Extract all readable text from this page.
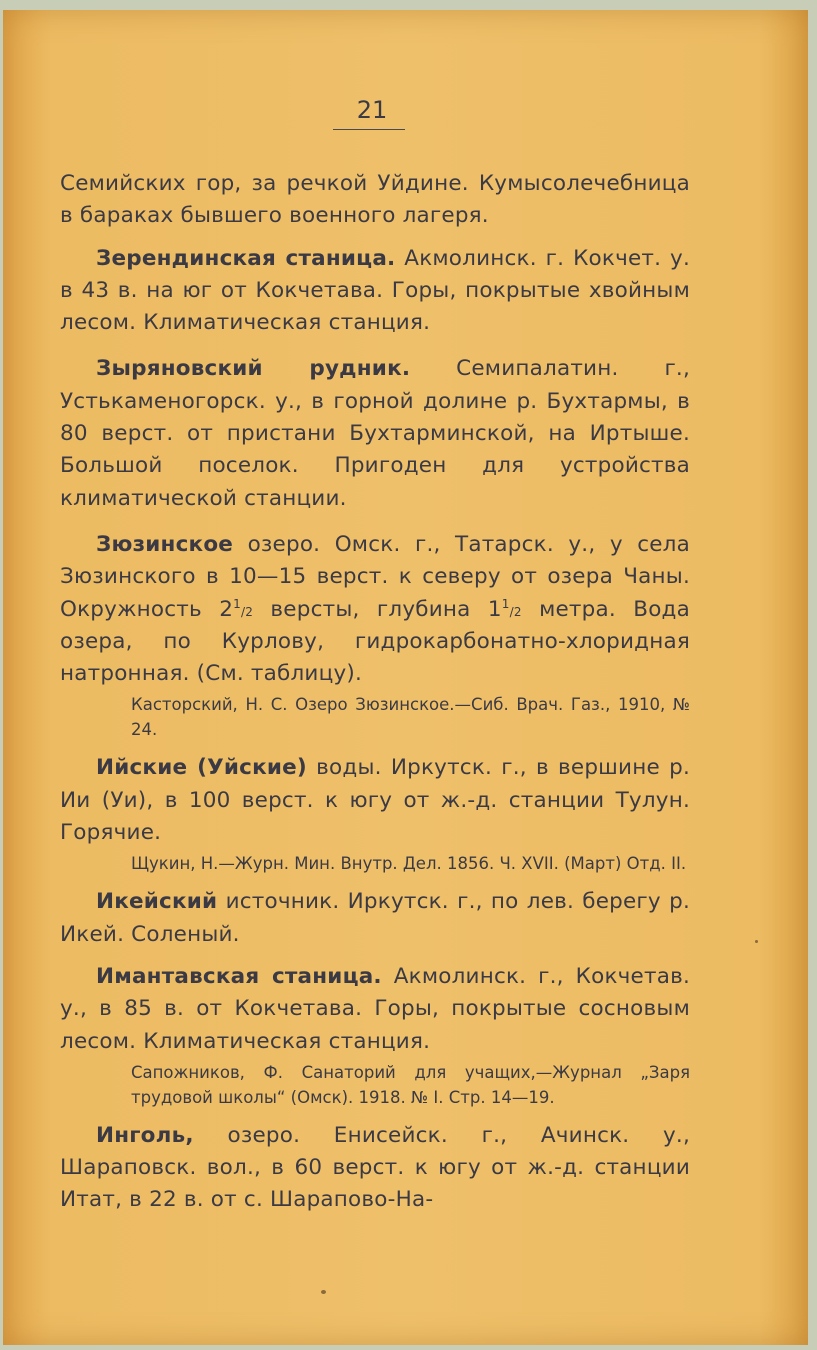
21
Семийских гор, за речкой Уйдине. Кумысолечебница в бараках бывшего военного лагеря.
Зерендинская станица. Акмолинск. г. Кокчет. у. в 43 в. на юг от Кокчетава. Горы, покрытые хвойным лесом. Климатическая станция.
Зыряновский рудник. Семипалатин. г., Устькаменогорск. у., в горной долине р. Бухтармы, в 80 верст. от пристани Бухтарминской, на Иртыше. Большой поселок. Пригоден для устройства климатической станции.
Зюзинское озеро. Омск. г., Татарск. у., у села Зюзинского в 10—15 верст. к северу от озера Чаны. Окружность $2^1/2$ версты, глубина $1^1/2$ метра. Вода озера, по Курлову, гидрокарбонатно-хлоридная натронная. (См. таблицу).
Касторский, Н. С. Озеро Зюзинское.—Сиб. Врач. Газ., 1910, № 24.
Ийские (Уйские) воды. Иркутск. г., в вершине р. Ии (Уи), в 100 верст. к югу от ж.-д. станции Тулун. Горячие.
Щукин, Н.—Журн. Мин. Внутр. Дел. 1856. Ч. XVII. (Март) Отд. II.
Икейский источник. Иркутск. г., по лев. берегу р. Икей. Соленый.
Имантавская станица. Акмолинск. г., Кокчетав. у., в 85 в. от Кокчетава. Горы, покрытые сосновым лесом. Климатическая станция.
Сапожников, Ф. Санаторий для учащих,—Журнал „Заря трудовой школы“ (Омск). 1918. № I. Стр. 14—19.
Инголь, озеро. Енисейск. г., Ачинск. у., Шараповск. вол., в 60 верст. к югу от ж.-д. станции Итат, в 22 в. от с. Шарапово-На-
